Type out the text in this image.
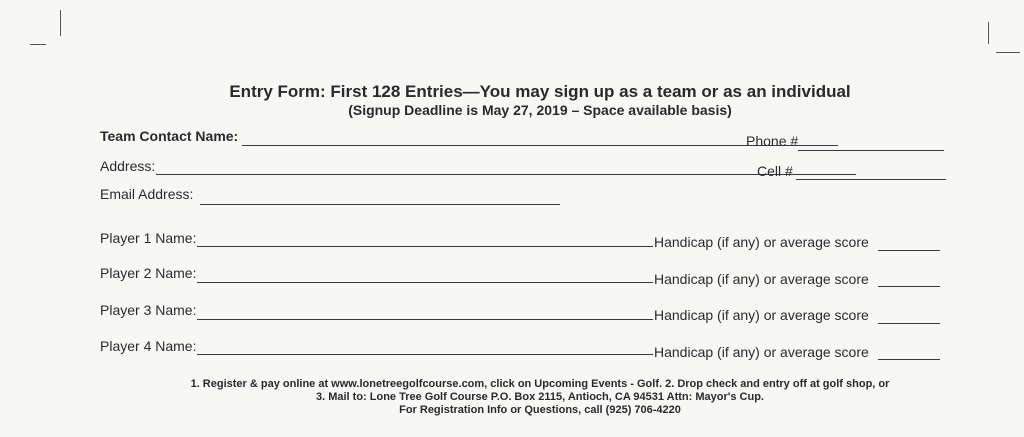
Entry Form: First 128 Entries—You may sign up as a team or as an individual
(Signup Deadline is May 27, 2019 – Space available basis)
Team Contact Name:	Phone #
Address:	Cell #
Email Address:
Player 1 Name:	Handicap (if any) or average score
Player 2 Name:	Handicap (if any) or average score
Player 3 Name:	Handicap (if any) or average score
Player 4 Name:	Handicap (if any) or average score
1. Register & pay online at www.lonetreegolfcourse.com, click on Upcoming Events - Golf. 2. Drop check and entry off at golf shop, or
3. Mail to: Lone Tree Golf Course P.O. Box 2115, Antioch, CA 94531 Attn: Mayor's Cup.
For Registration Info or Questions, call (925) 706-4220
